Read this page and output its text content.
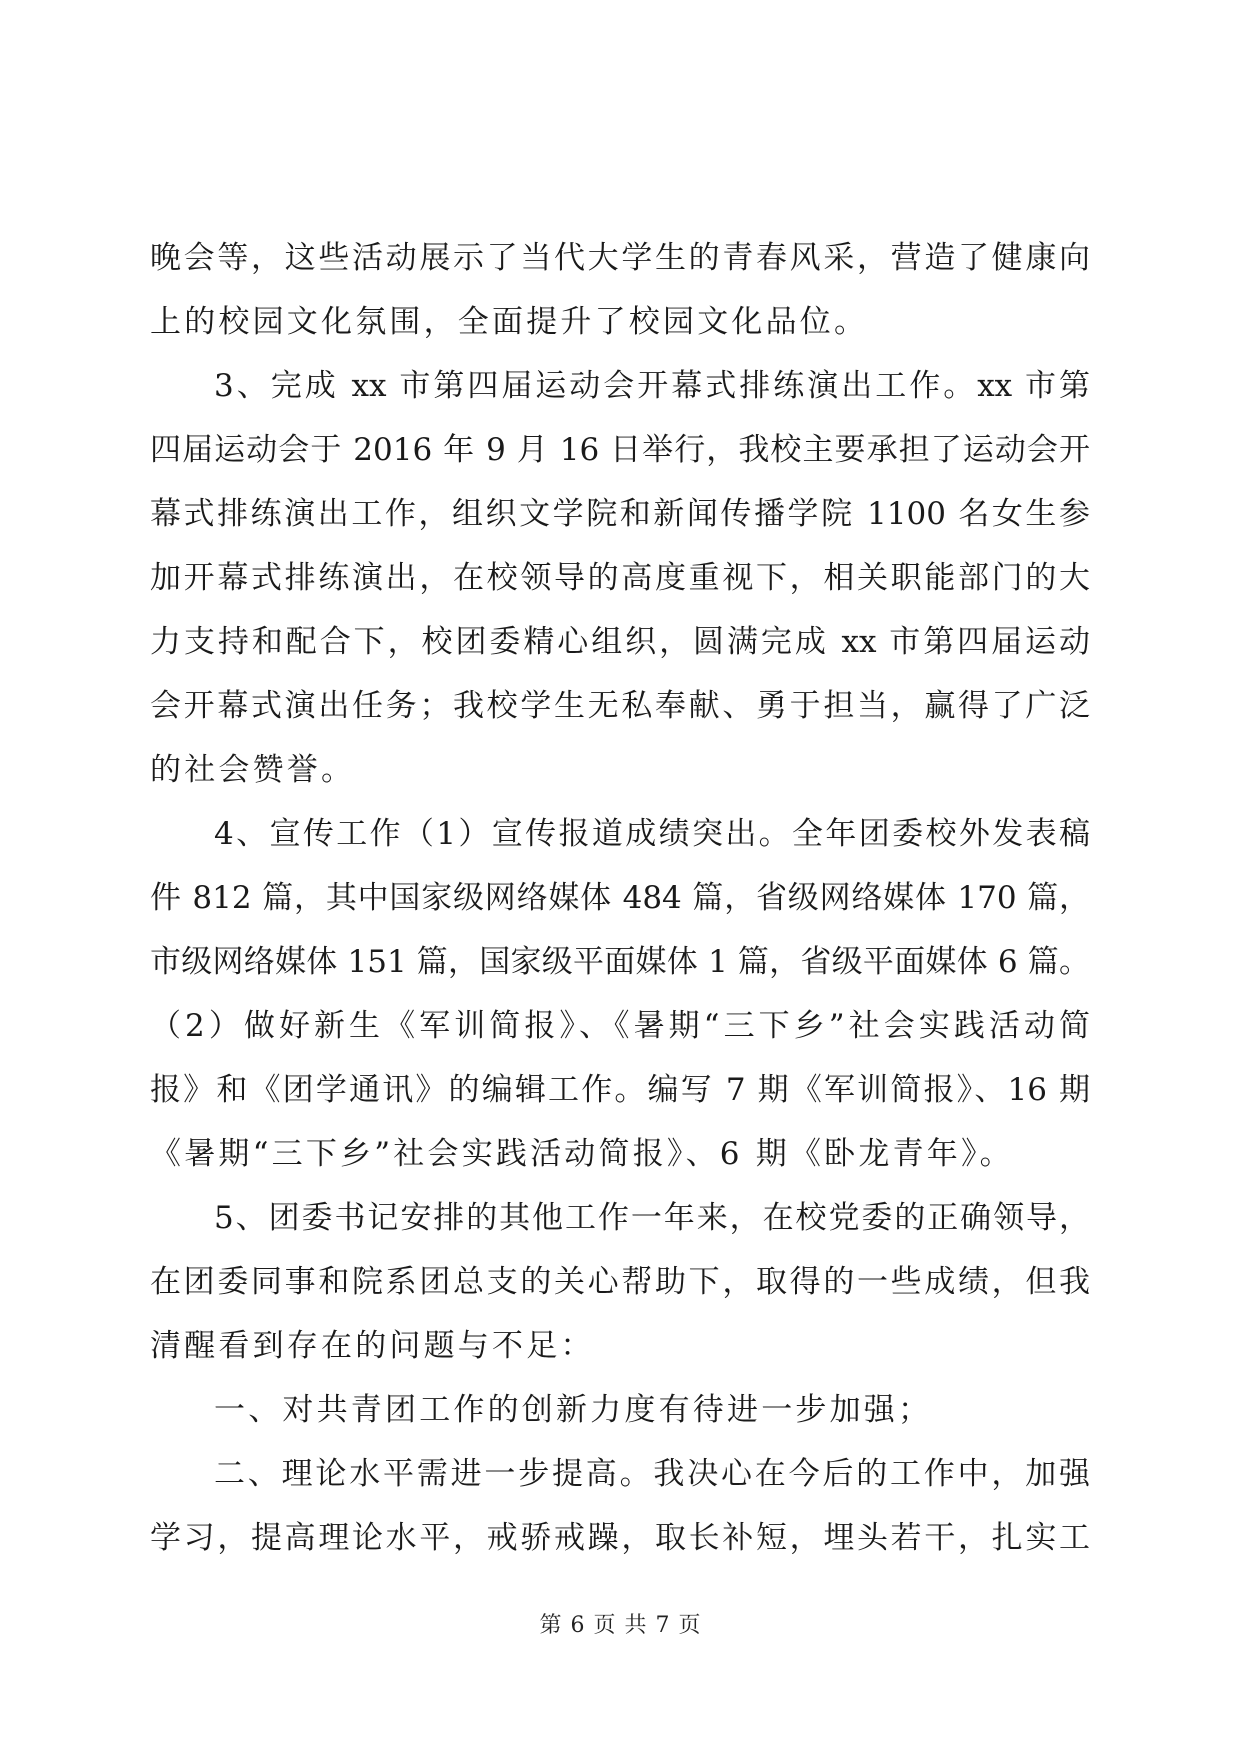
晚会等，这些活动展示了当代大学生的青春风采，营造了健康向
上的校园文化氛围，全面提升了校园文化品位。
3、完成 xx 市第四届运动会开幕式排练演出工作。xx 市第
四届运动会于 2016 年 9 月 16 日举行，我校主要承担了运动会开
幕式排练演出工作，组织文学院和新闻传播学院 1100 名女生参
加开幕式排练演出，在校领导的高度重视下，相关职能部门的大
力支持和配合下，校团委精心组织，圆满完成 xx 市第四届运动
会开幕式演出任务；我校学生无私奉献、勇于担当，赢得了广泛
的社会赞誉。
4、宣传工作（1）宣传报道成绩突出。全年团委校外发表稿
件 812 篇，其中国家级网络媒体 484 篇，省级网络媒体 170 篇，
市级网络媒体 151 篇，国家级平面媒体 1 篇，省级平面媒体 6 篇。
（2）做好新生《军训简报》、《暑期“三下乡”社会实践活动简
报》和《团学通讯》的编辑工作。编写 7 期《军训简报》、16 期
《暑期“三下乡”社会实践活动简报》、6 期《卧龙青年》。
5、团委书记安排的其他工作一年来，在校党委的正确领导，
在团委同事和院系团总支的关心帮助下，取得的一些成绩，但我
清醒看到存在的问题与不足：
一、对共青团工作的创新力度有待进一步加强；
二、理论水平需进一步提高。我决心在今后的工作中，加强
学习，提高理论水平，戒骄戒躁，取长补短，埋头若干，扎实工
第 6 页 共 7 页
